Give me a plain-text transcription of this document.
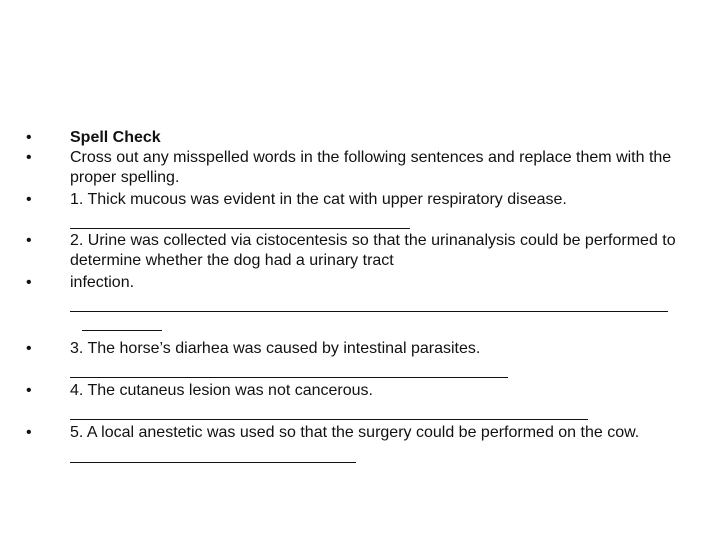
•	Spell Check
•	Cross out any misspelled words in the following sentences and replace them with the proper spelling.
•	1. Thick mucous was evident in the cat with upper respiratory disease.
•	2. Urine was collected via cistocentesis so that the urinanalysis could be performed to determine whether the dog had a urinary tract
•	infection.
•	3. The horse’s diarhea was caused by intestinal parasites.
•	4. The cutaneus lesion was not cancerous.
•	5. A local anestetic was used so that the surgery could be performed on the cow.
